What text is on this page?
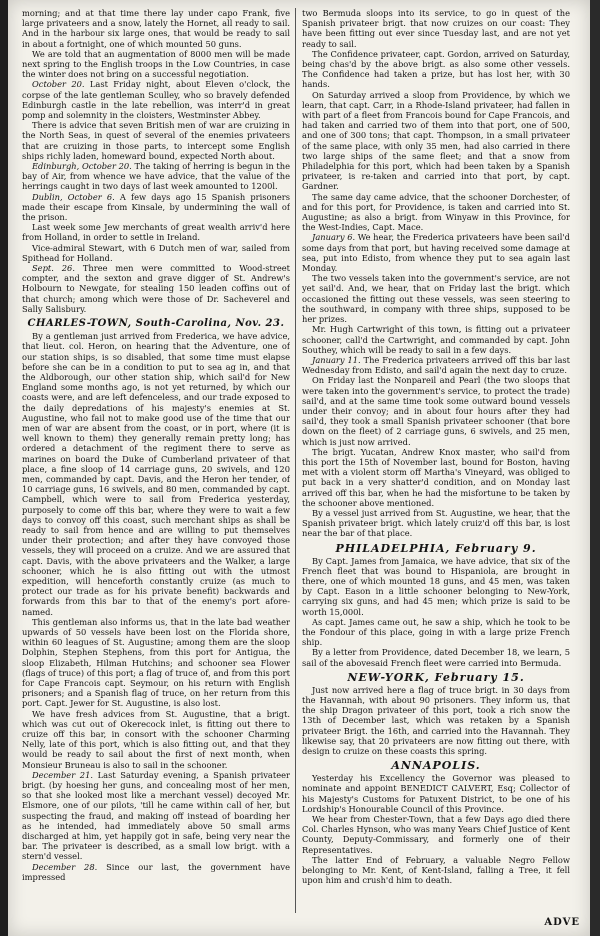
morning; and at that time there lay under capo Frank, five large privateers and a snow, lately the Hornet, all ready to sail. And in the harbour six large ones, that would be ready to sail in about a fortnight, one of which mounted 50 guns.

We are told that an augmentation of 8000 men will be made next spring to the English troops in the Low Countries, in case the winter does not bring on a successful negotiation.

October 20. Last Friday night, about Eleven o'clock, the corpse of the late gentleman Sculley, who so bravely defended Edinburgh castle in the late rebellion, was interr'd in great pomp and solemnity in the cloisters, Westminster Abbey.

There is advice that seven British men of war are cruizing in the North Seas, in quest of several of the enemies privateers that are cruizing in those parts, to intercept some English ships richly laden, homeward bound, expected North about.

Edinburgh, October 20. The taking of herring is begun in the bay of Air, from whence we have advice, that the value of the herrings caught in two days of last week amounted to 1200l.

Dublin, October 6. A few days ago 15 Spanish prisoners made their escape from Kinsale, by undermining the wall of the prison.

Last week some Jew merchants of great wealth arriv'd here from Holland, in order to settle in Ireland.

Vice-admiral Stewart, with 6 Dutch men of war, sailed from Spithead for Holland.

Sept. 26. Three men were committed to Wood-street compter, and the sexton and grave digger of St. Andrew's Holbourn to Newgate, for stealing 150 leaden coffins out of that church; among which were those of Dr. Sacheverel and Sally Salisbury.

CHARLES-TOWN, South-Carolina, Nov. 23.

By a gentleman just arrived from Frederica, we have advice, that lieut. col. Heron, on hearing that the Adventure, one of our station ships, is so disabled, that some time must elapse before she can be in a condition to put to sea ag in, and that the Aldborough, our other station ship, which sail'd for New England some months ago, is not yet returned, by which our coasts were, and are left defenceless, and our trade exposed to the daily depredations of his majesty's enemies at St. Augustine, who fail not to make good use of the time that our men of war are absent from the coast, or in port, where (it is well known to them) they generally remain pretty long; has ordered a detachment of the regiment there to serve as marines on board the Duke of Cumberland privateer of that place, a fine sloop of 14 carriage guns, 20 swivels, and 120 men, commanded by capt. Davis, and the Heron her tender, of 10 carriage guns, 16 swivels, and 80 men, commanded by capt. Campbell, which were to sail from Frederica yesterday, purposely to come off this bar, where they were to wait a few days to convoy off this coast, such merchant ships as shall be ready to sail from hence and are willing to put themselves under their protection; and after they have convoyed those vessels, they will proceed on a cruize. And we are assured that capt. Davis, with the above privateers and the Walker, a large schooner, which he is also fitting out with the utmost expedition, will henceforth constantly cruize (as much to protect our trade as for his private benefit) backwards and forwards from this bar to that of the enemy's port afore-named.

This gentleman also informs us, that in the late bad weather upwards of 50 vessels have been lost on the Florida shore, within 60 leagues of St. Augustine; among them are the sloop Dolphin, Stephen Stephens, from this port for Antigua, the sloop Elizabeth, Hilman Hutchins; and schooner sea Flower (flags of truce) of this port; a flag of truce of, and from this port for Cape Francois capt. Seymour, on his return with English prisoners; and a Spanish flag of truce, on her return from this port. Capt. Jewer for St. Augustine, is also lost.

We have fresh advices from St. Augustine, that a brigt. which was cut out of Okerecock inlet, is fitting out there to cruize off this bar, in consort with the schooner Charming Nelly, late of this port, which is also fitting out, and that they would be ready to sail about the first of next month, when Monsieur Bruneau is also to sail in the schooner.

December 21. Last Saturday evening, a Spanish privateer brigt. (by hoesing her guns, and concealing most of her men, so that she looked most like a merchant vessel) decoyed Mr. Elsmore, one of our pilots, 'till he came within call of her, but suspecting the fraud, and making off instead of boarding her as he intended, had immediately above 50 small arms discharged at him, yet happily got in safe, being very near the bar. The privateer is described, as a small low brigt. with a stern'd vessel.

December 28. Since our last, the government have impressed

two Bermuda sloops into its service, to go in quest of the Spanish privateer brigt. that now cruizes on our coast: They have been fitting out ever since Tuesday last, and are not yet ready to sail.

The Confidence privateer, capt. Gordon, arrived on Saturday, being chas'd by the above brigt. as also some other vessels. The Confidence had taken a prize, but has lost her, with 30 hands.

On Saturday arrived a sloop from Providence, by which we learn, that capt. Carr, in a Rhode-Island privateer, had fallen in with part of a fleet from Francois bound for Cape Francois, and had taken and carried two of them into that port, one of 500, and one of 300 tons; that capt. Thompson, in a small privateer of the same place, with only 35 men, had also carried in there two large ships of the same fleet; and that a snow from Philadelphia for this port, which had been taken by a Spanish privateer, is re-taken and carried into that port, by capt. Gardner.

The same day came advice, that the schooner Dorchester, of and for this port, for Providence, is taken and carried into St. Augustine; as also a brigt. from Winyaw in this Province, for the West-Indies, Capt. Mace.

January 6. We hear, the Frederica privateers have been sail'd some days from that port, but having received some damage at sea, put into Edisto, from whence they put to sea again last Monday.

The two vessels taken into the government's service, are not yet sail'd. And, we hear, that on Friday last the brigt. which occasioned the fitting out these vessels, was seen steering to the southward, in company with three ships, supposed to be her prizes.

Mr. Hugh Cartwright of this town, is fitting out a privateer schooner, call'd the Cartwright, and commanded by capt. John Southey, which will be ready to sail in a few days.

January 11. The Frederica privateers arrived off this bar last Wednesday from Edisto, and sail'd again the next day to cruze.

On Friday last the Nonpareil and Pearl (the two sloops that were taken into the government's service, to protect the trade) sail'd, and at the same time took some outward bound vessels under their convoy; and in about four hours after they had sail'd, they took a small Spanish privateer schooner (that bore down on the fleet) of 2 carriage guns, 6 swivels, and 25 men, which is just now arrived.

The brigt. Yucatan, Andrew Knox master, who sail'd from this port the 15th of November last, bound for Boston, having met with a violent storm off Martha's Vineyard, was obliged to put back in a very shatter'd condition, and on Monday last arrived off this bar, when he had the misfortune to be taken by the schooner above mentioned.

By a vessel just arrived from St. Augustine, we hear, that the Spanish privateer brigt. which lately cruiz'd off this bar, is lost near the bar of that place.

PHILADELPHIA, February 9.

By Capt. James from Jamaica, we have advice, that six of the French fleet that was bound to Hispaniola, are brought in there, one of which mounted 18 guns, and 45 men, was taken by Capt. Eason in a little schooner belonging to New-York, carrying six guns, and had 45 men; which prize is said to be worth 15,000l.

As capt. James came out, he saw a ship, which he took to be the Fondour of this place, going in with a large prize French ship.

By a letter from Providence, dated December 18, we learn, 5 sail of the abovesaid French fleet were carried into Bermuda.

NEW-YORK, February 15.

Just now arrived here a flag of truce brigt. in 30 days from the Havannah, with about 90 prisoners. They inform us, that the ship Dragon privateer of this port, took a rich snow the 13th of December last, which was retaken by a Spanish privateer Brigt. the 16th, and carried into the Havannah. They likewise say, that 20 privateers are now fitting out there, with design to cruize on these coasts this spring.

ANNAPOLIS.

Yesterday his Excellency the Governor was pleased to nominate and appoint BENEDICT CALVERT, Esq; Collector of his Majesty's Customs for Patuxent District, to be one of his Lordship's Honourable Council of this Province.

We hear from Chester-Town, that a few Days ago died there Col. Charles Hynson, who was many Years Chief Justice of Kent County, Deputy-Commissary, and formerly one of their Representatives.

The latter End of February, a valuable Negro Fellow belonging to Mr. Kent, of Kent-Island, falling a Tree, it fell upon him and crush'd him to death.

ADVE
